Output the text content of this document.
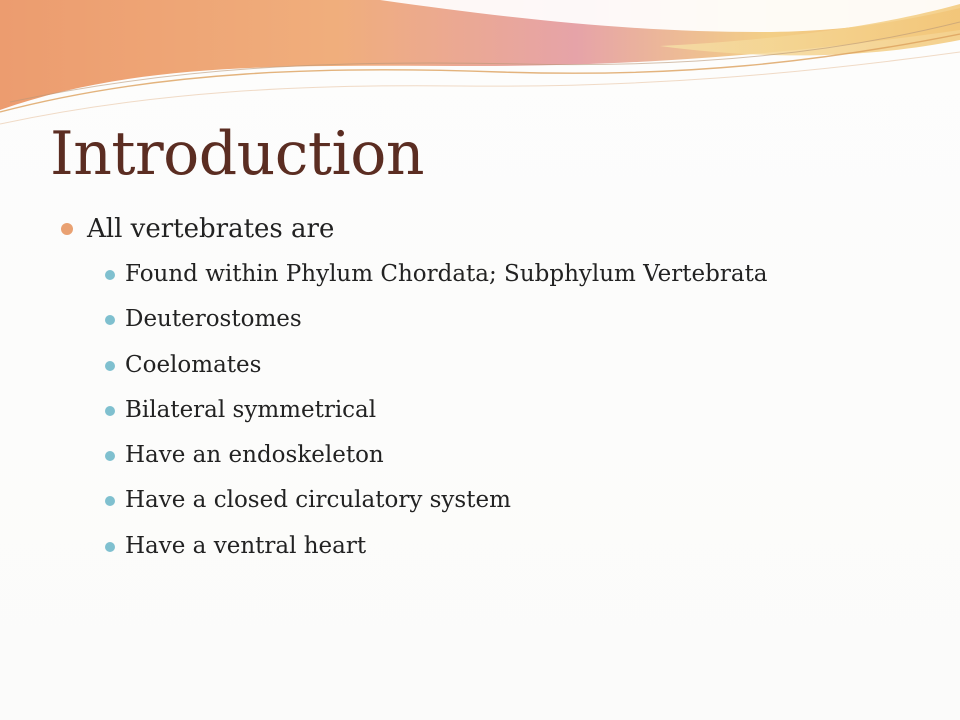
Introduction
All vertebrates are
Found within Phylum Chordata; Subphylum Vertebrata
Deuterostomes
Coelomates
Bilateral symmetrical
Have an endoskeleton
Have a closed circulatory system
Have a ventral heart
